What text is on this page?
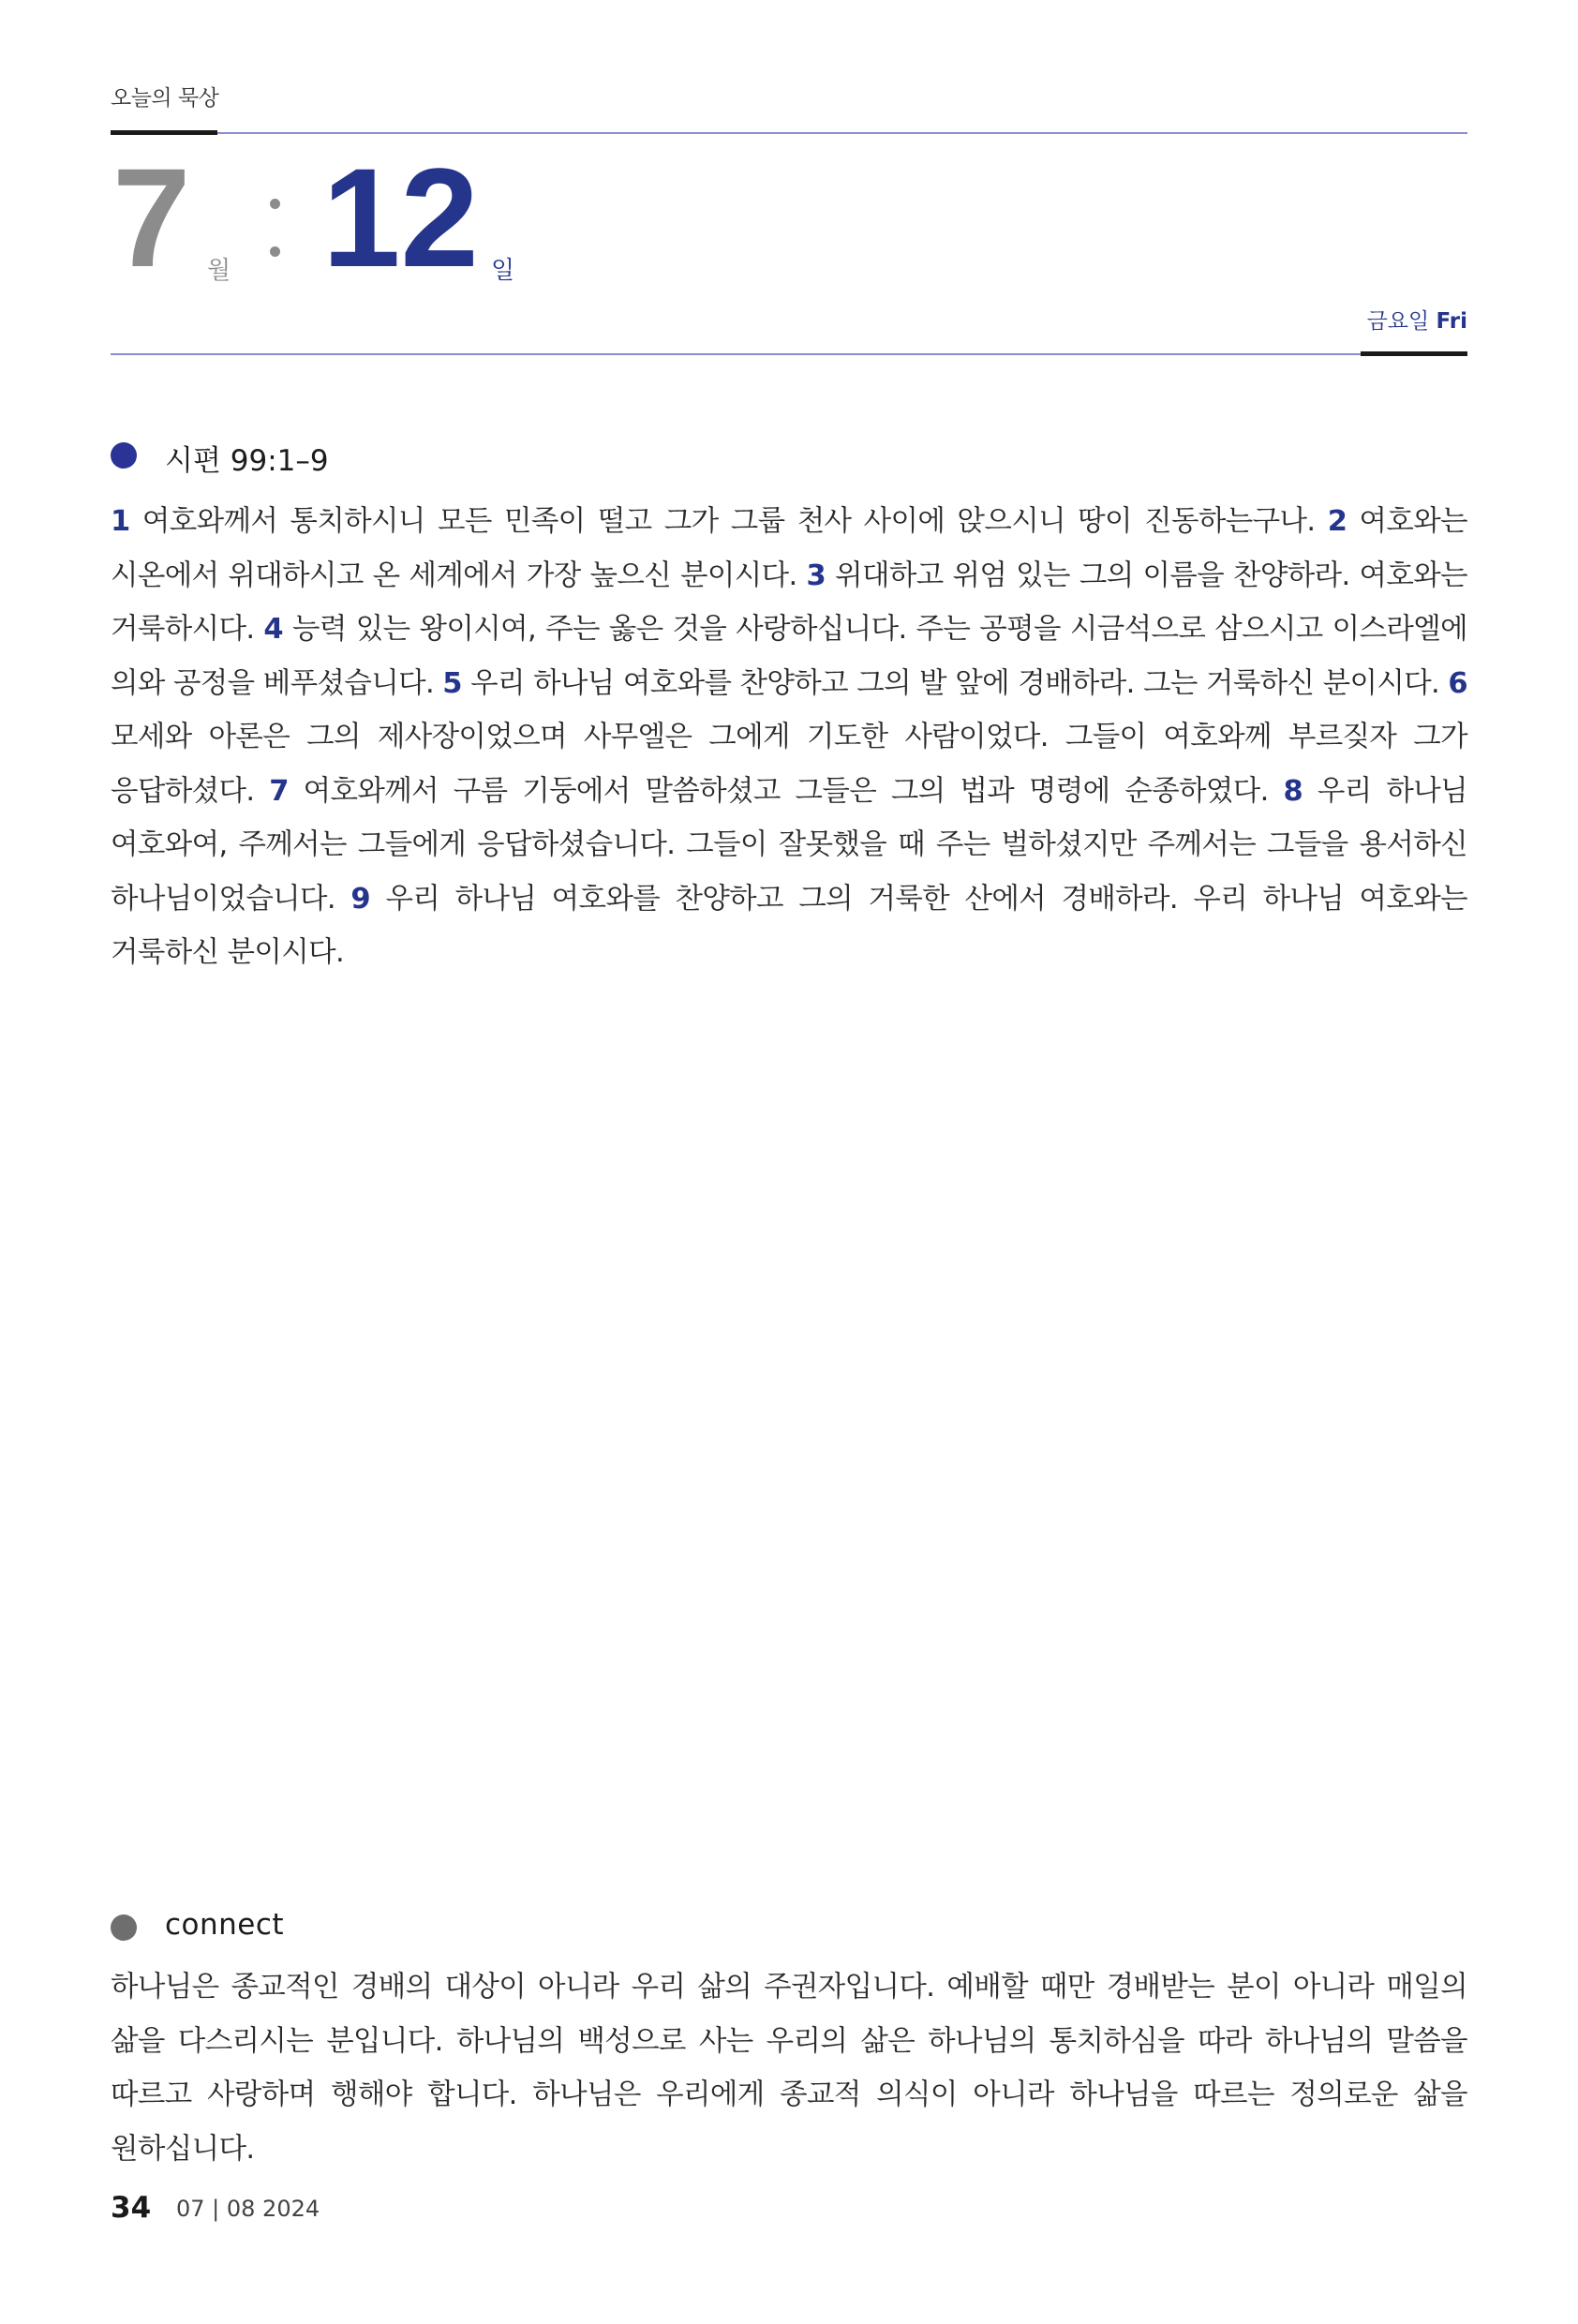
오늘의 묵상
7 월 12 일
금요일 Fri
시편 99:1–9
1 여호와께서 통치하시니 모든 민족이 떨고 그가 그룹 천사 사이에 앉으시니 땅이 진동하는구나. 2 여호와는 시온에서 위대하시고 온 세계에서 가장 높으신 분이시다. 3 위대하고 위엄 있는 그의 이름을 찬양하라. 여호와는 거룩하시다. 4 능력 있는 왕이시여, 주는 옳은 것을 사랑하십니다. 주는 공평을 시금석으로 삼으시고 이스라엘에 의와 공정을 베푸셨습니다. 5 우리 하나님 여호와를 찬양하고 그의 발 앞에 경배하라. 그는 거룩하신 분이시다. 6 모세와 아론은 그의 제사장이었으며 사무엘은 그에게 기도한 사람이었다. 그들이 여호와께 부르짖자 그가 응답하셨다. 7 여호와께서 구름 기둥에서 말씀하셨고 그들은 그의 법과 명령에 순종하였다. 8 우리 하나님 여호와여, 주께서는 그들에게 응답하셨습니다. 그들이 잘못했을 때 주는 벌하셨지만 주께서는 그들을 용서하신 하나님이었습니다. 9 우리 하나님 여호와를 찬양하고 그의 거룩한 산에서 경배하라. 우리 하나님 여호와는 거룩하신 분이시다.
connect
하나님은 종교적인 경배의 대상이 아니라 우리 삶의 주권자입니다. 예배할 때만 경배받는 분이 아니라 매일의 삶을 다스리시는 분입니다. 하나님의 백성으로 사는 우리의 삶은 하나님의 통치하심을 따라 하나님의 말씀을 따르고 사랑하며 행해야 합니다. 하나님은 우리에게 종교적 의식이 아니라 하나님을 따르는 정의로운 삶을 원하십니다.
34 07 | 08 2024
